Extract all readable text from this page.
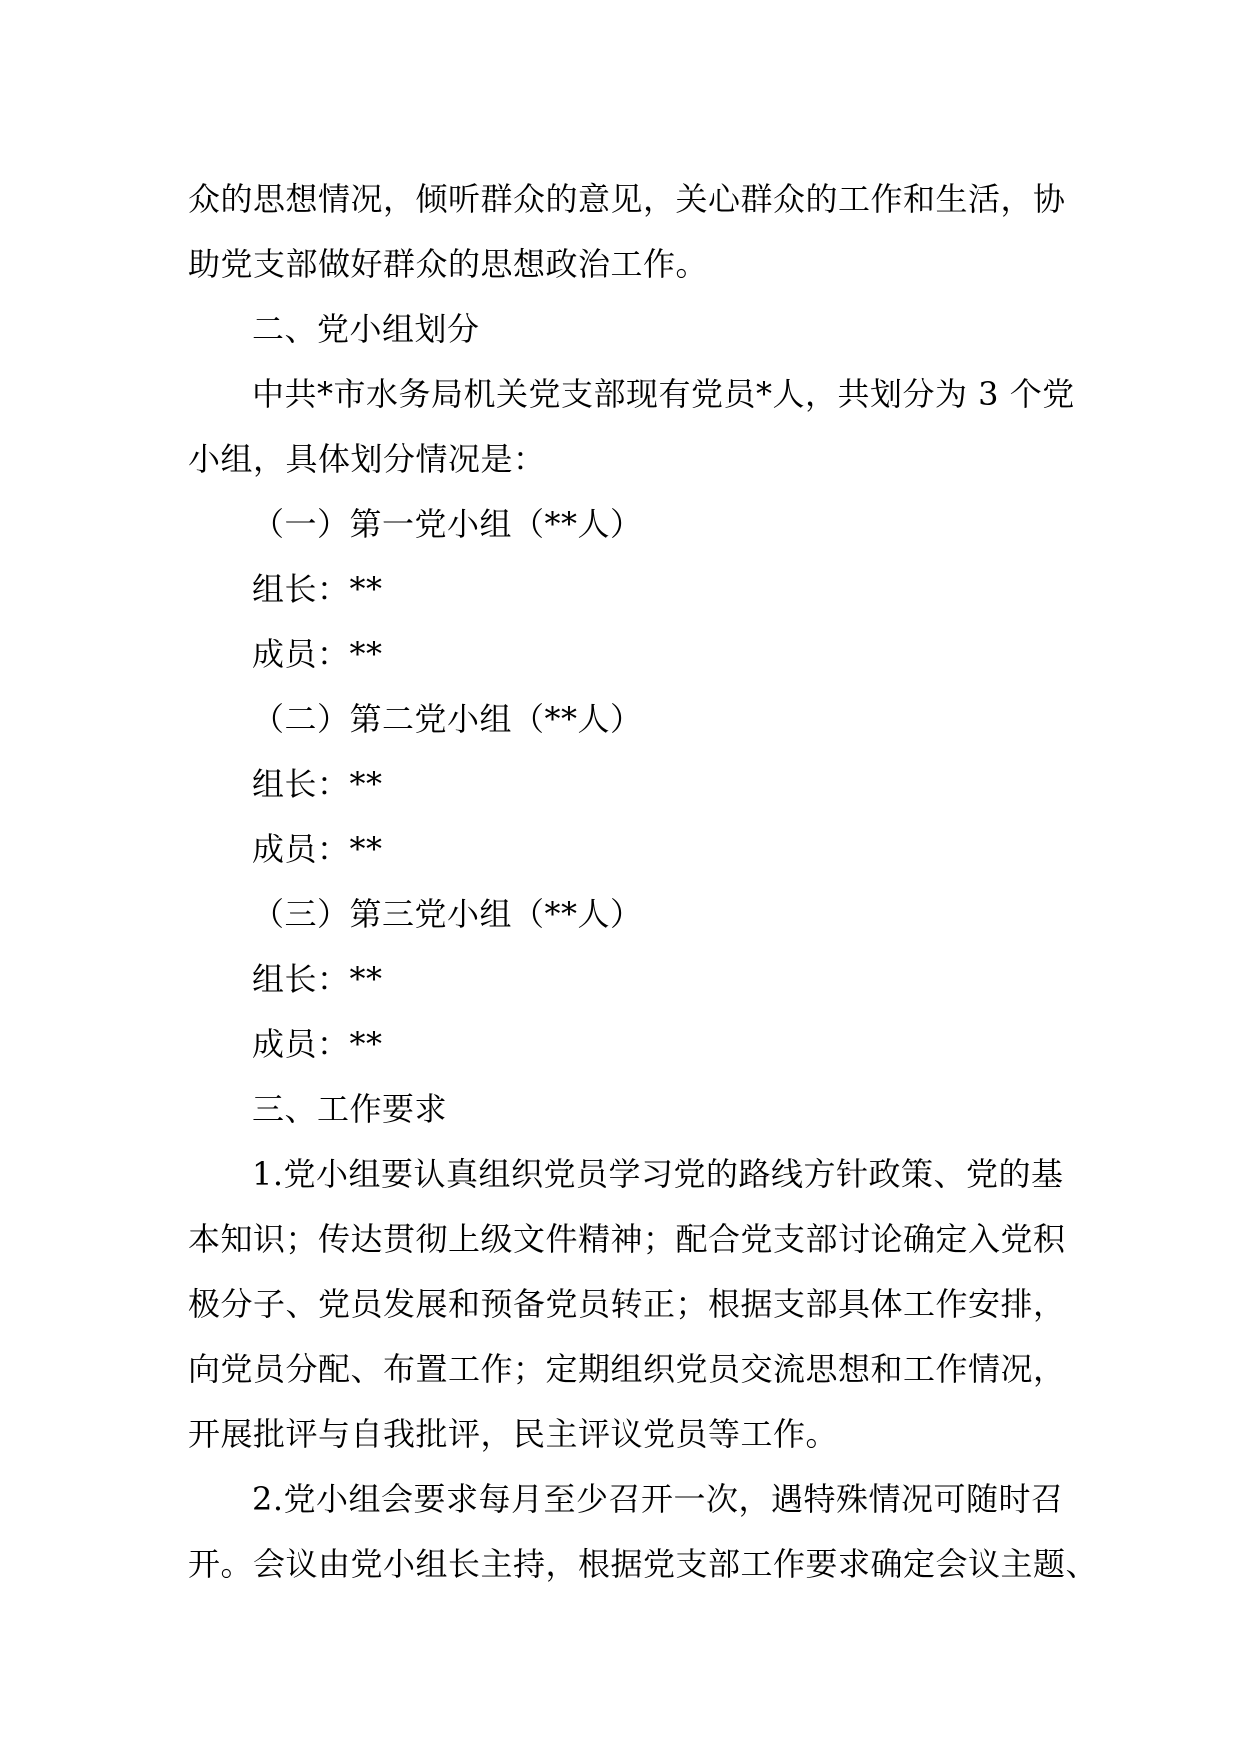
众的思想情况，倾听群众的意见，关心群众的工作和生活，协

助党支部做好群众的思想政治工作。

二、党小组划分

中共*市水务局机关党支部现有党员*人，共划分为 3 个党

小组，具体划分情况是：

（一）第一党小组（**人）

组长：**

成员：**

（二）第二党小组（**人）

组长：**

成员：**

（三）第三党小组（**人）

组长：**

成员：**

三、工作要求

1.党小组要认真组织党员学习党的路线方针政策、党的基

本知识；传达贯彻上级文件精神；配合党支部讨论确定入党积

极分子、党员发展和预备党员转正；根据支部具体工作安排，

向党员分配、布置工作；定期组织党员交流思想和工作情况，

开展批评与自我批评，民主评议党员等工作。

2.党小组会要求每月至少召开一次，遇特殊情况可随时召

开。会议由党小组长主持，根据党支部工作要求确定会议主题、
